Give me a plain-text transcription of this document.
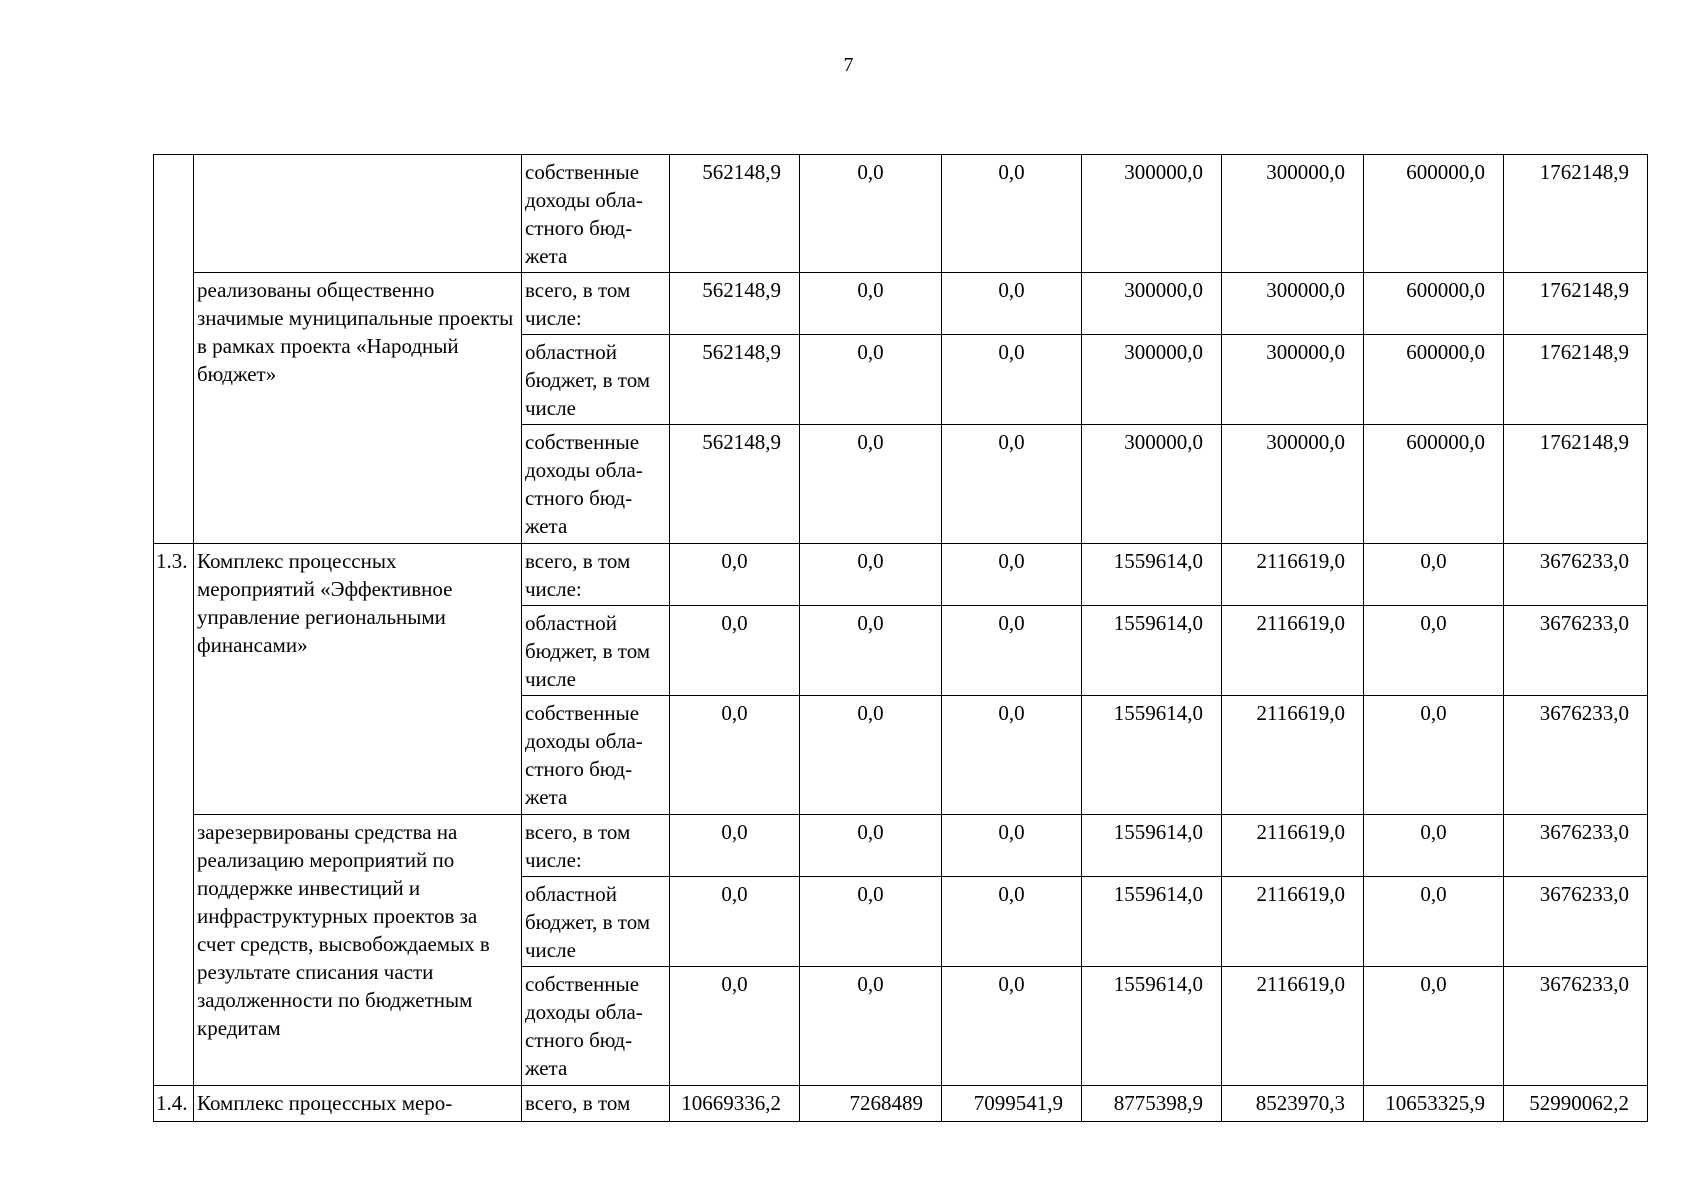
7
		собственные доходы обла-стного бюд-жета	562148,9	0,0	0,0	300000,0	300000,0	600000,0	1762148,9
	реализованы общественно значимые муниципальные проекты в рамках проекта «Народный бюджет»	всего, в том числе:	562148,9	0,0	0,0	300000,0	300000,0	600000,0	1762148,9
		областной бюджет, в том числе	562148,9	0,0	0,0	300000,0	300000,0	600000,0	1762148,9
		собственные доходы обла-стного бюд-жета	562148,9	0,0	0,0	300000,0	300000,0	600000,0	1762148,9
1.3.	Комплекс процессных мероприятий «Эффективное управление региональными финансами»	всего, в том числе:	0,0	0,0	0,0	1559614,0	2116619,0	0,0	3676233,0
		областной бюджет, в том числе	0,0	0,0	0,0	1559614,0	2116619,0	0,0	3676233,0
		собственные доходы обла-стного бюд-жета	0,0	0,0	0,0	1559614,0	2116619,0	0,0	3676233,0
	зарезервированы средства на реализацию мероприятий по поддержке инвестиций и инфраструктурных проектов за счет средств, высвобождаемых в результате списания части задолженности по бюджетным кредитам	всего, в том числе:	0,0	0,0	0,0	1559614,0	2116619,0	0,0	3676233,0
		областной бюджет, в том числе	0,0	0,0	0,0	1559614,0	2116619,0	0,0	3676233,0
		собственные доходы обла-стного бюд-жета	0,0	0,0	0,0	1559614,0	2116619,0	0,0	3676233,0
1.4.	Комплекс процессных меро-	всего, в том	10669336,2	7268489	7099541,9	8775398,9	8523970,3	10653325,9	52990062,2
